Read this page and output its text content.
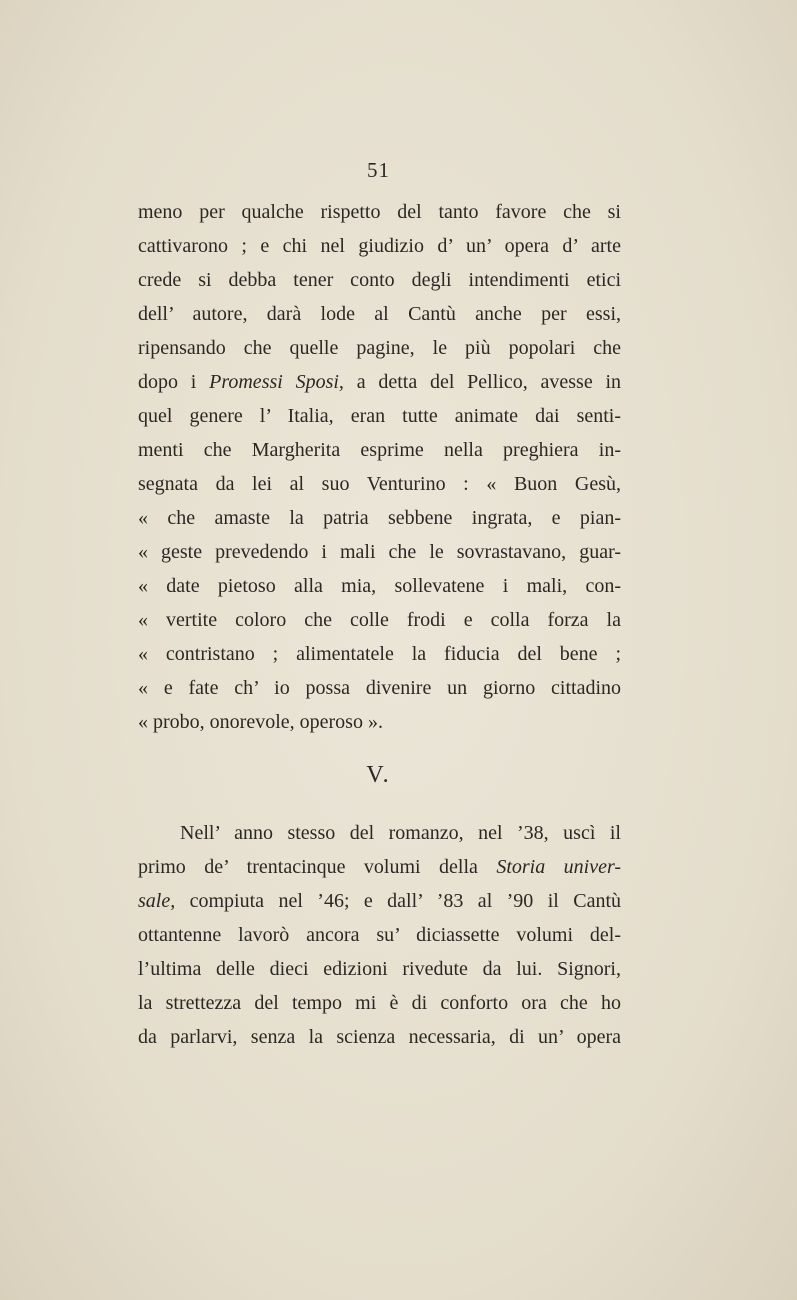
51
meno per qualche rispetto del tanto favore che si
cattivarono ; e chi nel giudizio d’ un’ opera d’ arte
crede si debba tener conto degli intendimenti etici
dell’ autore, darà lode al Cantù anche per essi,
ripensando che quelle pagine, le più popolari che
dopo i Promessi Sposi, a detta del Pellico, avesse in
quel genere l’ Italia, eran tutte animate dai senti-
menti che Margherita esprime nella preghiera in-
segnata da lei al suo Venturino : « Buon Gesù,
« che amaste la patria sebbene ingrata, e pian-
« geste prevedendo i mali che le sovrastavano, guar-
« date pietoso alla mia, sollevatene i mali, con-
« vertite coloro che colle frodi e colla forza la
« contristano ; alimentatele la fiducia del bene ;
« e fate ch’ io possa divenire un giorno cittadino
« probo, onorevole, operoso ».
V.
Nell’ anno stesso del romanzo, nel ’38, uscì il
primo de’ trentacinque volumi della Storia univer-
sale, compiuta nel ’46; e dall’ ’83 al ’90 il Cantù
ottantenne lavorò ancora su’ diciassette volumi del-
l’ultima delle dieci edizioni rivedute da lui. Signori,
la strettezza del tempo mi è di conforto ora che ho
da parlarvi, senza la scienza necessaria, di un’ opera
